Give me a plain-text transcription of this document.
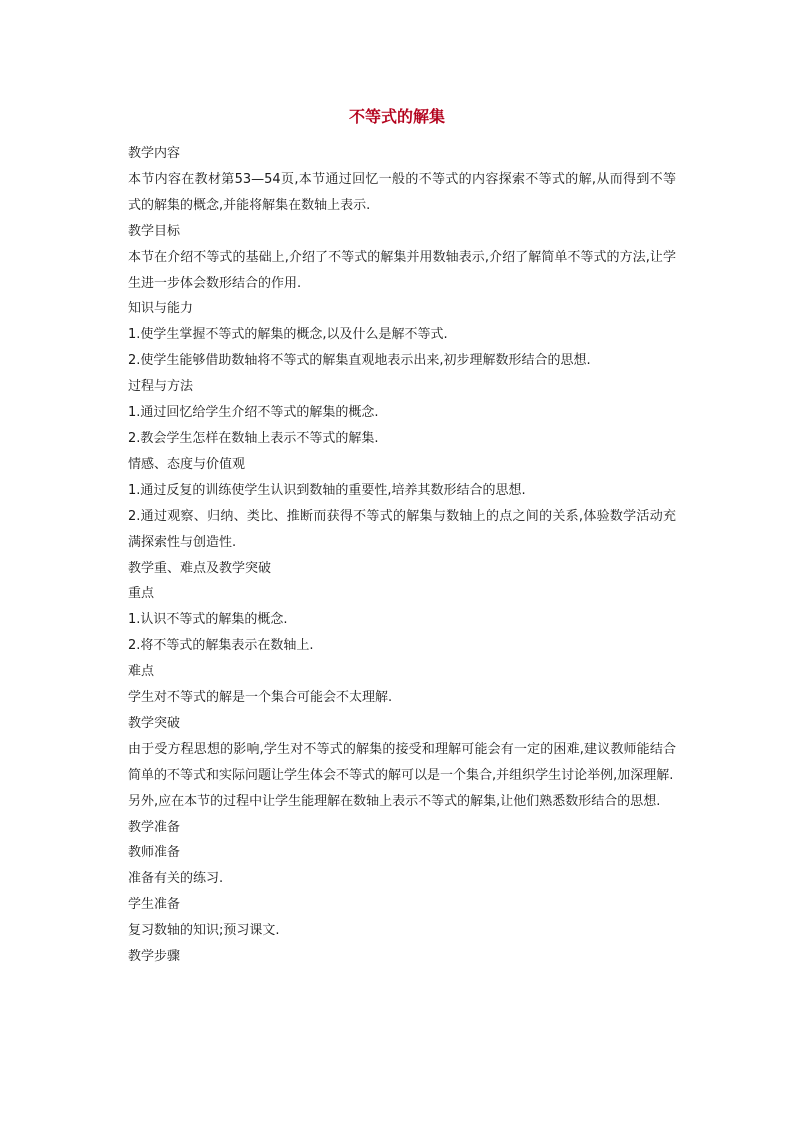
不等式的解集
教学内容
本节内容在教材第53—54页,本节通过回忆一般的不等式的内容探索不等式的解,从而得到不等式的解集的概念,并能将解集在数轴上表示.
教学目标
本节在介绍不等式的基础上,介绍了不等式的解集并用数轴表示,介绍了解简单不等式的方法,让学生进一步体会数形结合的作用.
知识与能力
1.使学生掌握不等式的解集的概念,以及什么是解不等式.
2.使学生能够借助数轴将不等式的解集直观地表示出来,初步理解数形结合的思想.
过程与方法
1.通过回忆给学生介绍不等式的解集的概念.
2.教会学生怎样在数轴上表示不等式的解集.
情感、态度与价值观
1.通过反复的训练使学生认识到数轴的重要性,培养其数形结合的思想.
2.通过观察、归纳、类比、推断而获得不等式的解集与数轴上的点之间的关系,体验数学活动充满探索性与创造性.
教学重、难点及教学突破
重点
1.认识不等式的解集的概念.
2.将不等式的解集表示在数轴上.
难点
学生对不等式的解是一个集合可能会不太理解.
教学突破
由于受方程思想的影响,学生对不等式的解集的接受和理解可能会有一定的困难,建议教师能结合简单的不等式和实际问题让学生体会不等式的解可以是一个集合,并组织学生讨论举例,加深理解.
另外,应在本节的过程中让学生能理解在数轴上表示不等式的解集,让他们熟悉数形结合的思想.
教学准备
教师准备
准备有关的练习.
学生准备
复习数轴的知识;预习课文.
教学步骤
